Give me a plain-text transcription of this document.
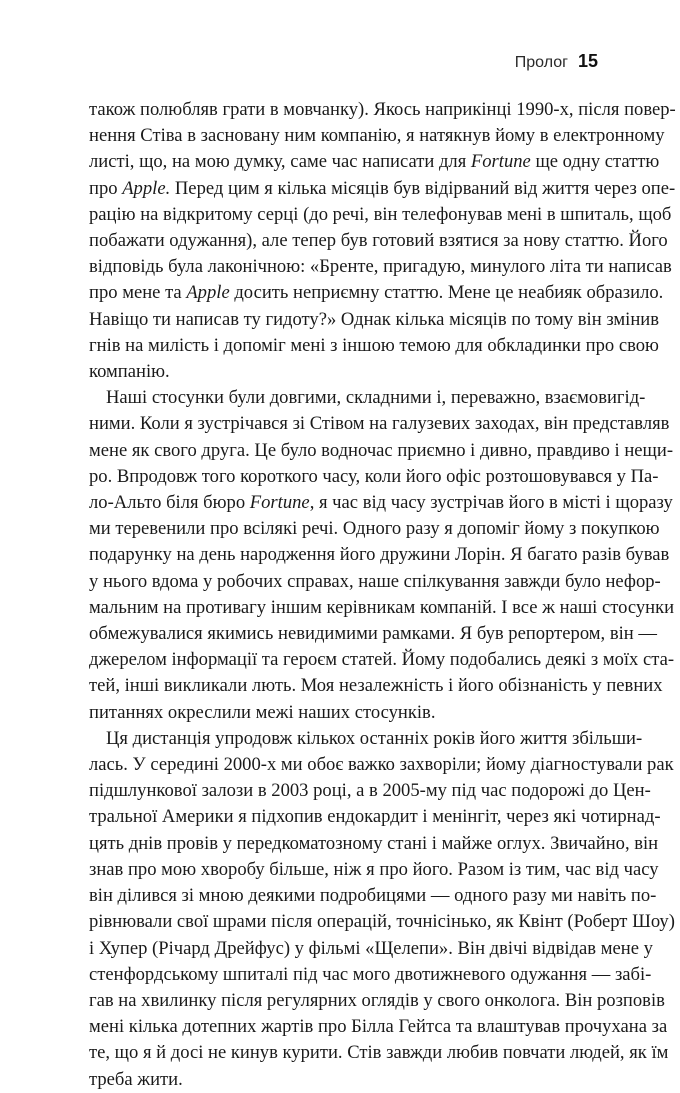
Пролог 15

також полюбляв грати в мовчанку). Якось наприкінці 1990-х, після повер-
нення Стіва в засновану ним компанію, я натякнув йому в електронному
листі, що, на мою думку, саме час написати для Fortune ще одну статтю
про Apple. Перед цим я кілька місяців був відірваний від життя через опе-
рацію на відкритому серці (до речі, він телефонував мені в шпиталь, щоб
побажати одужання), але тепер був готовий взятися за нову статтю. Його
відповідь була лаконічною: «Бренте, пригадую, минулого літа ти написав
про мене та Apple досить неприємну статтю. Мене це неабияк образило.
Навіщо ти написав ту гидоту?» Однак кілька місяців по тому він змінив
гнів на милість і допоміг мені з іншою темою для обкладинки про свою
компанію.

Наші стосунки були довгими, складними і, переважно, взаємовигід-
ними. Коли я зустрічався зі Стівом на галузевих заходах, він представляв
мене як свого друга. Це було водночас приємно і дивно, правдиво і нещи-
ро. Впродовж того короткого часу, коли його офіс розтошовувався у Па-
ло-Альто біля бюро Fortune, я час від часу зустрічав його в місті і щоразу
ми теревенили про всілякі речі. Одного разу я допоміг йому з покупкою
подарунку на день народження його дружини Лорін. Я багато разів бував
у нього вдома у робочих справах, наше спілкування завжди було нефор-
мальним на противагу іншим керівникам компаній. І все ж наші стосунки
обмежувалися якимись невидимими рамками. Я був репортером, він —
джерелом інформації та героєм статей. Йому подобались деякі з моїх ста-
тей, інші викликали лють. Моя незалежність і його обізнаність у певних
питаннях окреслили межі наших стосунків.

Ця дистанція упродовж кількох останніх років його життя збільши-
лась. У середині 2000-х ми обоє важко захворіли; йому діагностували рак
підшлункової залози в 2003 році, а в 2005-му під час подорожі до Цен-
тральної Америки я підхопив ендокардит і менінгіт, через які чотирнад-
цять днів провів у передкоматозному стані і майже оглух. Звичайно, він
знав про мою хворобу більше, ніж я про його. Разом із тим, час від часу
він ділився зі мною деякими подробицями — одного разу ми навіть по-
рівнювали свої шрами після операцій, точнісінько, як Квінт (Роберт Шоу)
і Хупер (Річард Дрейфус) у фільмі «Щелепи». Він двічі відвідав мене у
стенфордському шпиталі під час мого двотижневого одужання — забі-
гав на хвилинку після регулярних оглядів у свого онколога. Він розповів
мені кілька дотепних жартів про Білла Гейтса та влаштував прочухана за
те, що я й досі не кинув курити. Стів завжди любив повчати людей, як їм
треба жити.
